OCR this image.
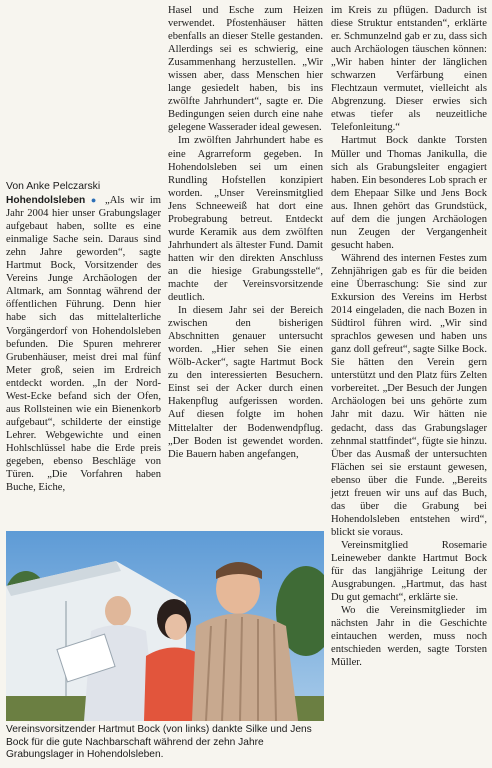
Von Anke Pelczarski

Hohendolsleben ● „Als wir im Jahr 2004 hier unser Grabungslager aufgebaut haben, sollte es eine einmalige Sache sein. Daraus sind zehn Jahre geworden“, sagte Hartmut Bock, Vorsitzender des Vereins Junge Archäologen der Altmark, am Sonntag während der öffentlichen Führung. Denn hier habe sich das mittelalterliche Vorgängerdorf von Hohendolsleben befunden. Die Spuren mehrerer Grubenhäuser, meist drei mal fünf Meter groß, seien im Erdreich entdeckt worden. „In der Nord-West-Ecke befand sich der Ofen, aus Rollsteinen wie ein Bienenkorb aufgebaut“, schilderte der einstige Lehrer. Webgewichte und einen Hohlschlüssel habe die Erde preis gegeben, ebenso Beschläge von Türen. „Die Vorfahren haben Buche, Eiche,

Hasel und Esche zum Heizen verwendet. Pfostenhäuser hätten ebenfalls an dieser Stelle gestanden. Allerdings sei es schwierig, eine Zusammenhang herzustellen. „Wir wissen aber, dass Menschen hier lange gesiedelt haben, bis ins zwölfte Jahrhundert“, sagte er. Die Bedingungen seien durch eine nahe gelegene Wasserader ideal gewesen.

Im zwölften Jahrhundert habe es eine Agrarreform gegeben. In Hohendolsleben sei um einen Rundling Hofstellen konzipiert worden. „Unser Vereinsmitglied Jens Schneeweiß hat dort eine Probegrabung betreut. Entdeckt wurde Keramik aus dem zwölften Jahrhundert als ältester Fund. Damit hatten wir den direkten Anschluss an die hiesige Grabungsstelle“, machte der Vereinsvorsitzende deutlich.

In diesem Jahr sei der Bereich zwischen den bisherigen Abschnitten genauer untersucht worden. „Hier sehen Sie einen Wölb-Acker“, sagte Hartmut Bock zu den interessierten Besuchern. Einst sei der Acker durch einen Hakenpflug aufgerissen worden. Auf diesen folgte im hohen Mittelalter der Bodenwendpflug. „Der Boden ist gewendet worden. Die Bauern haben angefangen,

im Kreis zu pflügen. Dadurch ist diese Struktur entstanden“, erklärte er. Schmunzelnd gab er zu, dass sich auch Archäologen täuschen können: „Wir haben hinter der länglichen schwarzen Verfärbung einen Flechtzaun vermutet, vielleicht als Abgrenzung. Dieser erwies sich etwas tiefer als neuzeitliche Telefonleitung.“

Hartmut Bock dankte Torsten Müller und Thomas Janikulla, die sich als Grabungsleiter engagiert haben. Ein besonderes Lob sprach er dem Ehepaar Silke und Jens Bock aus. Ihnen gehört das Grundstück, auf dem die jungen Archäologen nun Zeugen der Vergangenheit gesucht haben.

Während des internen Festes zum Zehnjährigen gab es für die beiden eine Überraschung: Sie sind zur Exkursion des Vereins im Herbst 2014 eingeladen, die nach Bozen in Südtirol führen wird. „Wir sind sprachlos gewesen und haben uns ganz doll gefreut“, sagte Silke Bock. Sie hätten den Verein gern unterstützt und den Platz fürs Zelten vorbereitet. „Der Besuch der Jungen Archäologen bei uns gehörte zum Jahr mit dazu. Wir hätten nie gedacht, dass das Grabungslager zehnmal stattfindet“, fügte sie hinzu. Über das Ausmaß der untersuchten Flächen sei sie erstaunt gewesen, ebenso über die Funde. „Bereits jetzt freuen wir uns auf das Buch, das über die Grabung bei Hohendolsleben entstehen wird“, blickt sie voraus.

Vereinsmitglied Rosemarie Leineweber dankte Hartmut Bock für das langjährige Leitung der Ausgrabungen. „Hartmut, das hast Du gut gemacht“, erklärte sie.

Wo die Vereinsmitglieder im nächsten Jahr in die Geschichte eintauchen werden, muss noch entschieden werden, sagte Torsten Müller.

Vereinsvorsitzender Hartmut Bock (von links) dankte Silke und Jens Bock für die gute Nachbarschaft während der zehn Jahre Grabungslager in Hohendolsleben.
